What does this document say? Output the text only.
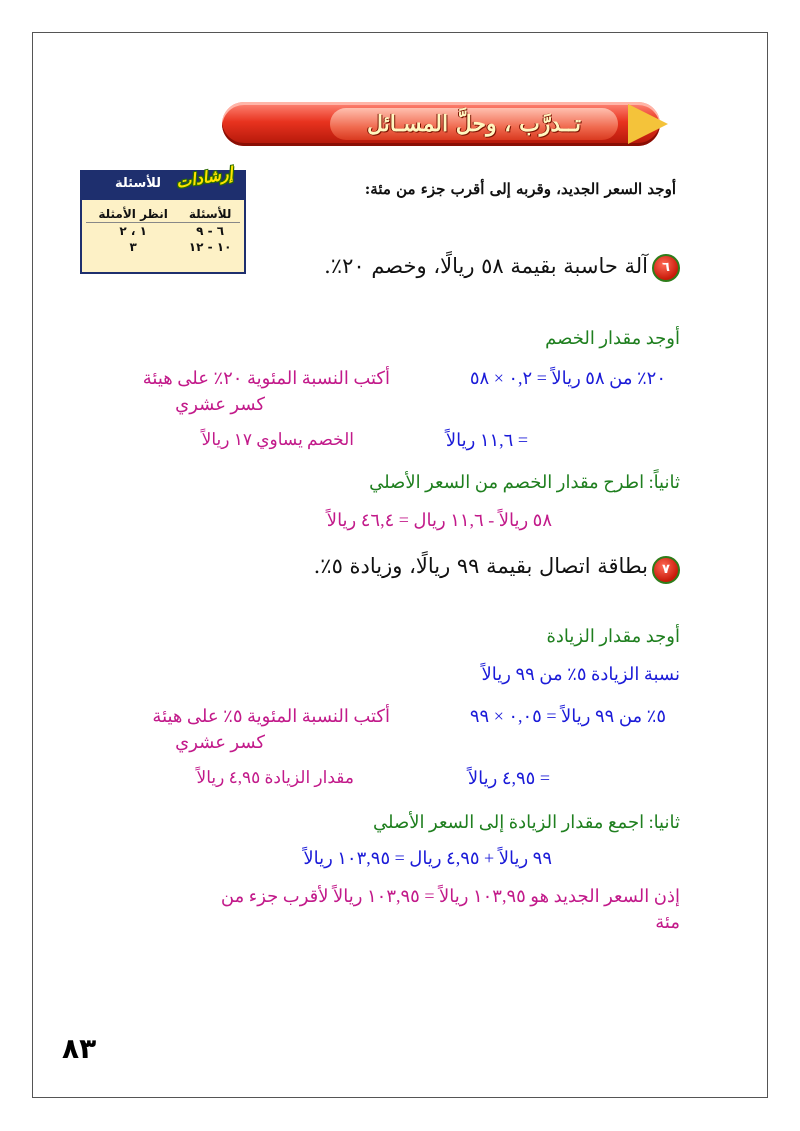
تــدرَّب ، وحلَّ المسـائل
للأسئلة
للأسئلة	انظر الأمثلة
٦ - ٩	١ ، ٢
١٠ - ١٢	٣
إرشادات	أوجد السعر الجديد، وقربه إلى أقرب جزء من مئة:
٦
آلة حاسبة بقيمة ٥٨ ريالًا، وخصم ٢٠٪.
أوجد مقدار الخصم
٢٠٪ من ٥٨ ريالاً = ٠,٢ × ٥٨
أكتب النسبة المئوية ٢٠٪ على هيئة
كسر عشري
= ١١,٦ ريالاً
الخصم يساوي ١٧ ريالاً
ثانياً: اطرح مقدار الخصم من السعر الأصلي
٥٨ ريالاً - ١١,٦ ريال = ٤٦,٤ ريالاً
٧
بطاقة اتصال بقيمة ٩٩ ريالًا، وزيادة ٥٪.
أوجد مقدار الزيادة
نسبة الزيادة ٥٪ من ٩٩ ريالاً
٥٪ من ٩٩ ريالاً = ٠,٠٥ × ٩٩
أكتب النسبة المئوية ٥٪ على هيئة
كسر عشري
= ٤,٩٥ ريالاً
مقدار الزيادة ٤,٩٥ ريالاً
ثانيا: اجمع مقدار الزيادة إلى السعر الأصلي
٩٩ ريالاً + ٤,٩٥ ريال = ١٠٣,٩٥ ريالاً
إذن السعر الجديد هو ١٠٣,٩٥ ريالاً = ١٠٣,٩٥ ريالاً لأقرب جزء من
مئة
٨٣
